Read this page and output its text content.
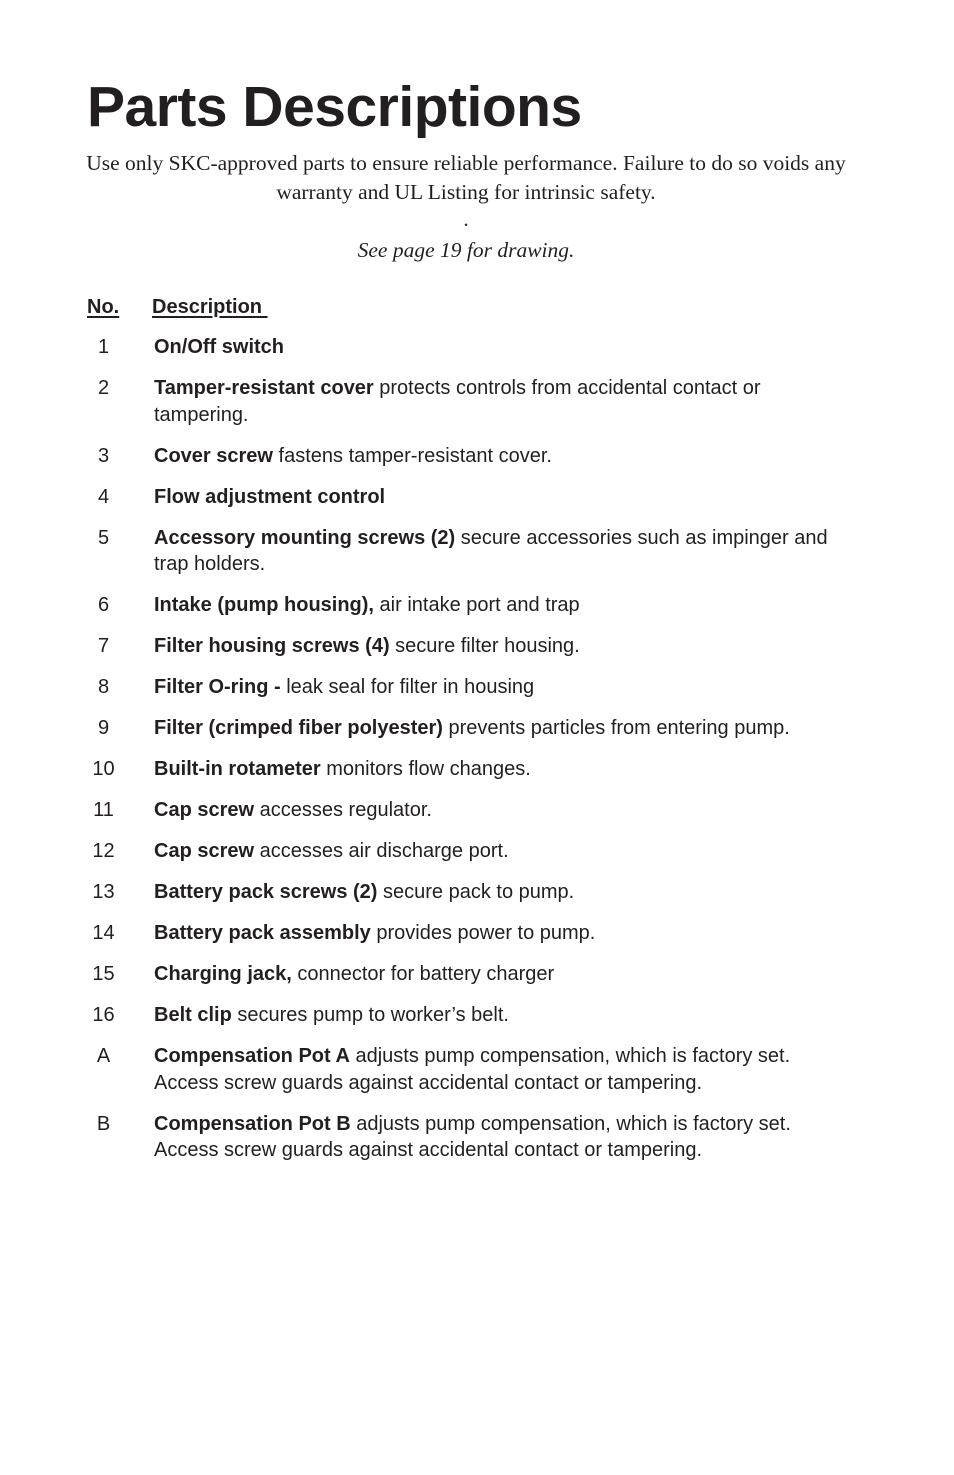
Parts Descriptions

Use only SKC-approved parts to ensure reliable performance. Failure to do so voids any warranty and UL Listing for intrinsic safety.

.
See page 19 for drawing.
No. Description
1	On/Off switch
2	Tamper-resistant cover protects controls from accidental contact or tampering.
3	Cover screw fastens tamper-resistant cover.
4	Flow adjustment control
5	Accessory mounting screws (2) secure accessories such as impinger and trap holders.
6	Intake (pump housing), air intake port and trap
7	Filter housing screws (4) secure filter housing.
8	Filter O-ring - leak seal for filter in housing
9	Filter (crimped fiber polyester) prevents particles from entering pump.
10	Built-in rotameter monitors flow changes.
11	Cap screw accesses regulator.
12	Cap screw accesses air discharge port.
13	Battery pack screws (2) secure pack to pump.
14	Battery pack assembly provides power to pump.
15	Charging jack, connector for battery charger
16	Belt clip secures pump to worker’s belt.
A	Compensation Pot A adjusts pump compensation, which is factory set. Access screw guards against accidental contact or tampering.
B	Compensation Pot B adjusts pump compensation, which is factory set. Access screw guards against accidental contact or tampering.
